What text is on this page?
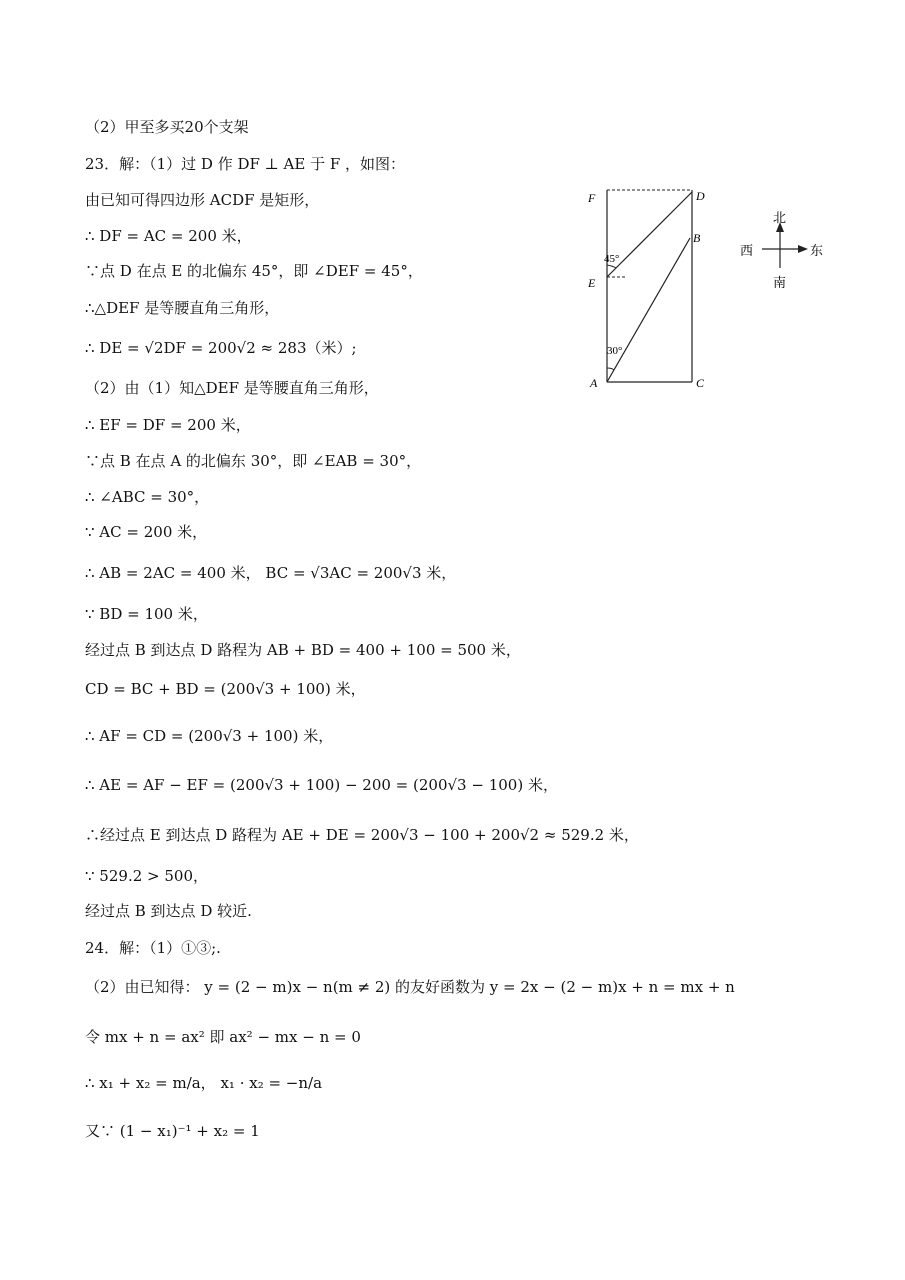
（2）甲至多买20个支架
23．解：（1）过 D 作 DF ⊥ AE 于 F ，如图：
由已知可得四边形 ACDF 是矩形，
∴ DF = AC = 200 米，
∵点 D 在点 E 的北偏东 45°，即 ∠DEF = 45°，
∴△DEF 是等腰直角三角形，
∴ DE = √2DF = 200√2 ≈ 283（米）;
（2）由（1）知△DEF 是等腰直角三角形，
∴ EF = DF = 200 米，
∵点 B 在点 A 的北偏东 30°，即 ∠EAB = 30°，
∴ ∠ABC = 30°，
∵ AC = 200 米，
∴ AB = 2AC = 400 米， BC = √3AC = 200√3 米，
∵ BD = 100 米，
经过点 B 到达点 D 路程为 AB + BD = 400 + 100 = 500 米，
CD = BC + BD = (200√3 + 100) 米，
∴ AF = CD = (200√3 + 100) 米，
∴ AE = AF − EF = (200√3 + 100) − 200 = (200√3 − 100) 米，
∴经过点 E 到达点 D 路程为 AE + DE = 200√3 − 100 + 200√2 ≈ 529.2 米，
∵ 529.2 > 500，
经过点 B 到达点 D 较近.
24．解：（1）①③;.
（2）由已知得： y = (2 − m)x − n(m ≠ 2) 的友好函数为 y = 2x − (2 − m)x + n = mx + n
令 mx + n = ax² 即 ax² − mx − n = 0
∴ x₁ + x₂ = m/a， x₁ · x₂ = −n/a
又∵ (1 − x₁)⁻¹ + x₂ = 1
F	D
B
E
A	C
45°
30°
北
南
西	东
